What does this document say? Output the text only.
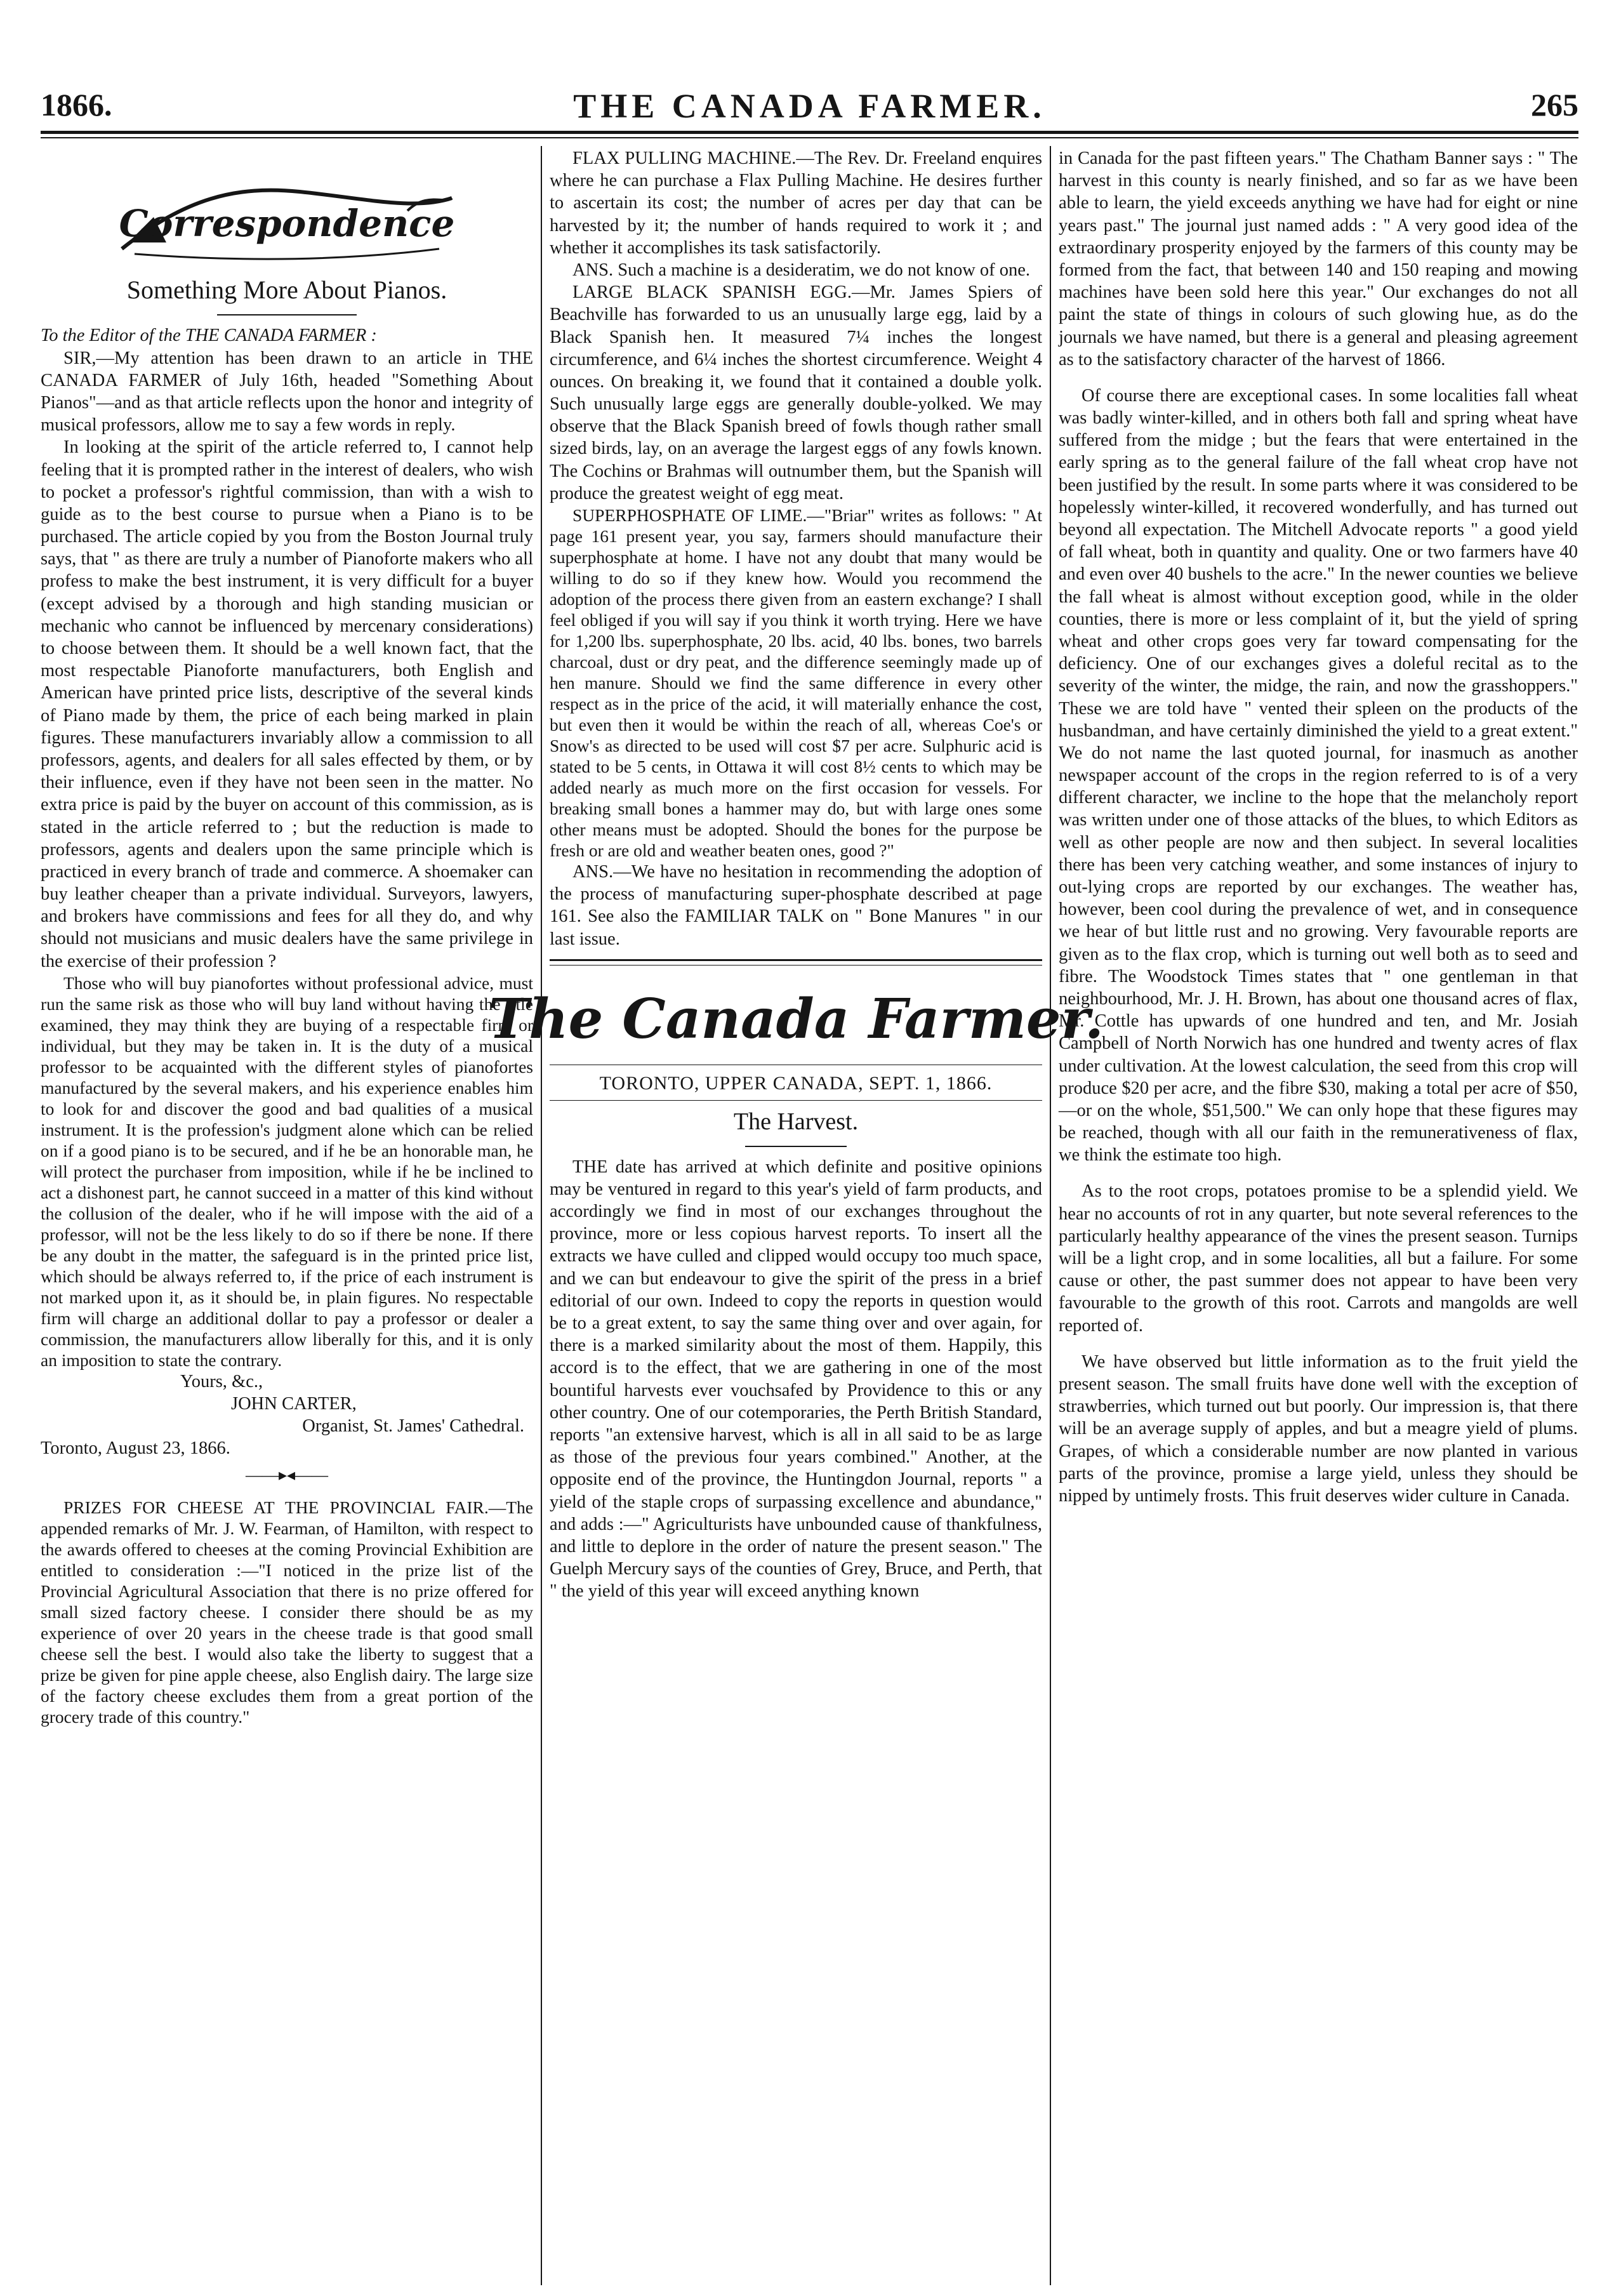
1866.	THE CANADA FARMER.	265
Correspondence
Something More About Pianos.

To the Editor of the THE CANADA FARMER :

SIR,—My attention has been drawn to an article in THE CANADA FARMER of July 16th, headed "Something About Pianos"—and as that article reflects upon the honor and integrity of musical professors, allow me to say a few words in reply.

In looking at the spirit of the article referred to, I cannot help feeling that it is prompted rather in the interest of dealers, who wish to pocket a professor's rightful commission, than with a wish to guide as to the best course to pursue when a Piano is to be purchased. The article copied by you from the Boston Journal truly says, that " as there are truly a number of Pianoforte makers who all profess to make the best instrument, it is very difficult for a buyer (except advised by a thorough and high standing musician or mechanic who cannot be influenced by mercenary considerations) to choose between them. It should be a well known fact, that the most respectable Pianoforte manufacturers, both English and American have printed price lists, descriptive of the several kinds of Piano made by them, the price of each being marked in plain figures. These manufacturers invariably allow a commission to all professors, agents, and dealers for all sales effected by them, or by their influence, even if they have not been seen in the matter. No extra price is paid by the buyer on account of this commission, as is stated in the article referred to ; but the reduction is made to professors, agents and dealers upon the same principle which is practiced in every branch of trade and commerce. A shoemaker can buy leather cheaper than a private individual. Surveyors, lawyers, and brokers have commissions and fees for all they do, and why should not musicians and music dealers have the same privilege in the exercise of their profession ?

Those who will buy pianofortes without professional advice, must run the same risk as those who will buy land without having the title examined, they may think they are buying of a respectable firm or individual, but they may be taken in. It is the duty of a musical professor to be acquainted with the different styles of pianofortes manufactured by the several makers, and his experience enables him to look for and discover the good and bad qualities of a musical instrument. It is the profession's judgment alone which can be relied on if a good piano is to be secured, and if he be an honorable man, he will protect the purchaser from imposition, while if he be inclined to act a dishonest part, he cannot succeed in a matter of this kind without the collusion of the dealer, who if he will impose with the aid of a professor, will not be the less likely to do so if there be none. If there be any doubt in the matter, the safeguard is in the printed price list, which should be always referred to, if the price of each instrument is not marked upon it, as it should be, in plain figures. No respectable firm will charge an additional dollar to pay a professor or dealer a commission, the manufacturers allow liberally for this, and it is only an imposition to state the contrary.

Yours, &c.,

JOHN CARTER,

Organist, St. James' Cathedral.

Toronto, August 23, 1866.

——▸◂——

PRIZES FOR CHEESE AT THE PROVINCIAL FAIR.—The appended remarks of Mr. J. W. Fearman, of Hamilton, with respect to the awards offered to cheeses at the coming Provincial Exhibition are entitled to consideration :—"I noticed in the prize list of the Provincial Agricultural Association that there is no prize offered for small sized factory cheese. I consider there should be as my experience of over 20 years in the cheese trade is that good small cheese sell the best. I would also take the liberty to suggest that a prize be given for pine apple cheese, also English dairy. The large size of the factory cheese excludes them from a great portion of the grocery trade of this country."

FLAX PULLING MACHINE.—The Rev. Dr. Freeland enquires where he can purchase a Flax Pulling Machine. He desires further to ascertain its cost; the number of acres per day that can be harvested by it; the number of hands required to work it ; and whether it accomplishes its task satisfactorily.

ANS. Such a machine is a desideratim, we do not know of one.

LARGE BLACK SPANISH EGG.—Mr. James Spiers of Beachville has forwarded to us an unusually large egg, laid by a Black Spanish hen. It measured 7¼ inches the longest circumference, and 6¼ inches the shortest circumference. Weight 4 ounces. On breaking it, we found that it contained a double yolk. Such unusually large eggs are generally double-yolked. We may observe that the Black Spanish breed of fowls though rather small sized birds, lay, on an average the largest eggs of any fowls known. The Cochins or Brahmas will outnumber them, but the Spanish will produce the greatest weight of egg meat.

SUPERPHOSPHATE OF LIME.—"Briar" writes as follows: " At page 161 present year, you say, farmers should manufacture their superphosphate at home. I have not any doubt that many would be willing to do so if they knew how. Would you recommend the adoption of the process there given from an eastern exchange? I shall feel obliged if you will say if you think it worth trying. Here we have for 1,200 lbs. superphosphate, 20 lbs. acid, 40 lbs. bones, two barrels charcoal, dust or dry peat, and the difference seemingly made up of hen manure. Should we find the same difference in every other respect as in the price of the acid, it will materially enhance the cost, but even then it would be within the reach of all, whereas Coe's or Snow's as directed to be used will cost $7 per acre. Sulphuric acid is stated to be 5 cents, in Ottawa it will cost 8½ cents to which may be added nearly as much more on the first occasion for vessels. For breaking small bones a hammer may do, but with large ones some other means must be adopted. Should the bones for the purpose be fresh or are old and weather beaten ones, good ?"

ANS.—We have no hesitation in recommending the adoption of the process of manufacturing super-phosphate described at page 161. See also the FAMILIAR TALK on " Bone Manures " in our last issue.

The Canada Farmer.
TORONTO, UPPER CANADA, SEPT. 1, 1866.
The Harvest.

THE date has arrived at which definite and positive opinions may be ventured in regard to this year's yield of farm products, and accordingly we find in most of our exchanges throughout the province, more or less copious harvest reports. To insert all the extracts we have culled and clipped would occupy too much space, and we can but endeavour to give the spirit of the press in a brief editorial of our own. Indeed to copy the reports in question would be to a great extent, to say the same thing over and over again, for there is a marked similarity about the most of them. Happily, this accord is to the effect, that we are gathering in one of the most bountiful harvests ever vouchsafed by Providence to this or any other country. One of our cotemporaries, the Perth British Standard, reports "an extensive harvest, which is all in all said to be as large as those of the previous four years combined." Another, at the opposite end of the province, the Huntingdon Journal, reports " a yield of the staple crops of surpassing excellence and abundance," and adds :—" Agriculturists have unbounded cause of thankfulness, and little to deplore in the order of nature the present season." The Guelph Mercury says of the counties of Grey, Bruce, and Perth, that " the yield of this year will exceed anything known

in Canada for the past fifteen years." The Chatham Banner says : " The harvest in this county is nearly finished, and so far as we have been able to learn, the yield exceeds anything we have had for eight or nine years past." The journal just named adds : " A very good idea of the extraordinary prosperity enjoyed by the farmers of this county may be formed from the fact, that between 140 and 150 reaping and mowing machines have been sold here this year." Our exchanges do not all paint the state of things in colours of such glowing hue, as do the journals we have named, but there is a general and pleasing agreement as to the satisfactory character of the harvest of 1866.

Of course there are exceptional cases. In some localities fall wheat was badly winter-killed, and in others both fall and spring wheat have suffered from the midge ; but the fears that were entertained in the early spring as to the general failure of the fall wheat crop have not been justified by the result. In some parts where it was considered to be hopelessly winter-killed, it recovered wonderfully, and has turned out beyond all expectation. The Mitchell Advocate reports " a good yield of fall wheat, both in quantity and quality. One or two farmers have 40 and even over 40 bushels to the acre." In the newer counties we believe the fall wheat is almost without exception good, while in the older counties, there is more or less complaint of it, but the yield of spring wheat and other crops goes very far toward compensating for the deficiency. One of our exchanges gives a doleful recital as to the severity of the winter, the midge, the rain, and now the grasshoppers." These we are told have " vented their spleen on the products of the husbandman, and have certainly diminished the yield to a great extent." We do not name the last quoted journal, for inasmuch as another newspaper account of the crops in the region referred to is of a very different character, we incline to the hope that the melancholy report was written under one of those attacks of the blues, to which Editors as well as other people are now and then subject. In several localities there has been very catching weather, and some instances of injury to out-lying crops are reported by our exchanges. The weather has, however, been cool during the prevalence of wet, and in consequence we hear of but little rust and no growing. Very favourable reports are given as to the flax crop, which is turning out well both as to seed and fibre. The Woodstock Times states that " one gentleman in that neighbourhood, Mr. J. H. Brown, has about one thousand acres of flax, Mr. Cottle has upwards of one hundred and ten, and Mr. Josiah Campbell of North Norwich has one hundred and twenty acres of flax under cultivation. At the lowest calculation, the seed from this crop will produce $20 per acre, and the fibre $30, making a total per acre of $50,—or on the whole, $51,500." We can only hope that these figures may be reached, though with all our faith in the remunerativeness of flax, we think the estimate too high.

As to the root crops, potatoes promise to be a splendid yield. We hear no accounts of rot in any quarter, but note several references to the particularly healthy appearance of the vines the present season. Turnips will be a light crop, and in some localities, all but a failure. For some cause or other, the past summer does not appear to have been very favourable to the growth of this root. Carrots and mangolds are well reported of.

We have observed but little information as to the fruit yield the present season. The small fruits have done well with the exception of strawberries, which turned out but poorly. Our impression is, that there will be an average supply of apples, and but a meagre yield of plums. Grapes, of which a considerable number are now planted in various parts of the province, promise a large yield, unless they should be nipped by untimely frosts. This fruit deserves wider culture in Canada.
